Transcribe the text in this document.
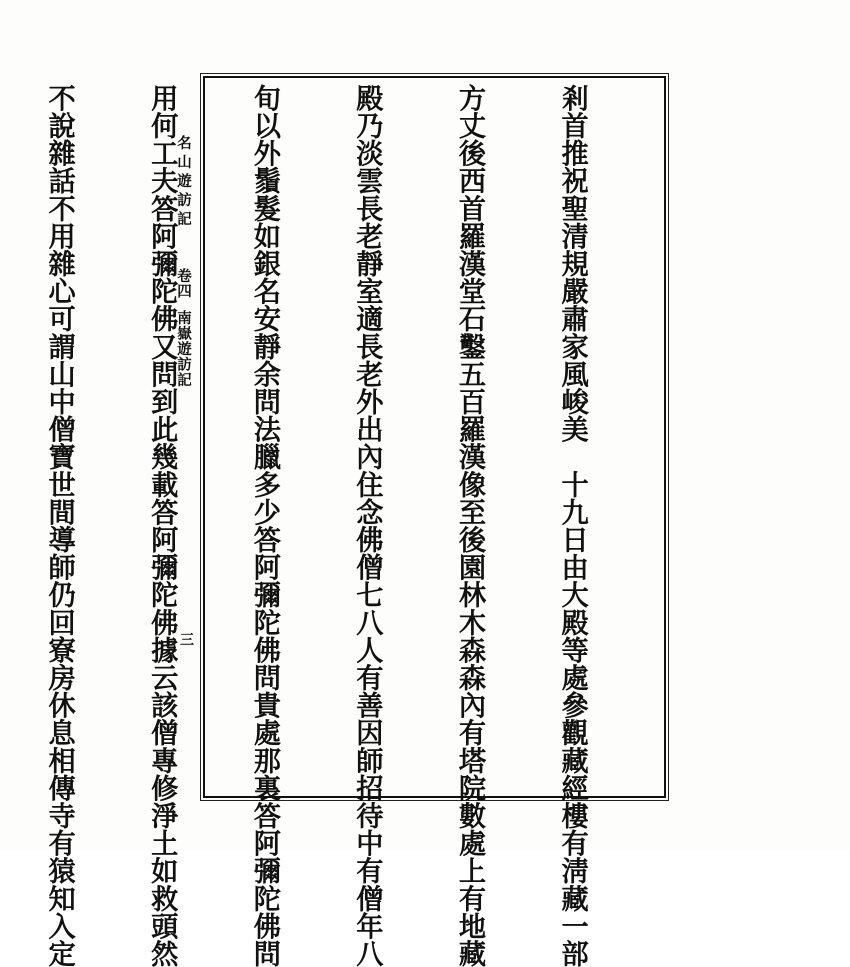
剎首推祝聖清規嚴肅家風峻美　十九日由大殿等處參觀藏經樓有淸藏一部

方丈後西首羅漢堂石鑿五百羅漢像至後園林木森森內有塔院數處上有地藏

殿乃淡雲長老靜室適長老外出內住念佛僧七八人有善因師招待中有僧年八

旬以外鬚髮如銀名安靜余問法臘多少答阿彌陀佛問貴處那裏答阿彌陀佛問

用何工夫答阿彌陀佛又問到此幾載答阿彌陀佛據云該僧專修淨土如救頭然

不說雜話不用雜心可謂山中僧寶世間導師仍回寮房休息相傳寺有猿知入定

	名山遊訪記
卷四
南嶽遊訪記
三
